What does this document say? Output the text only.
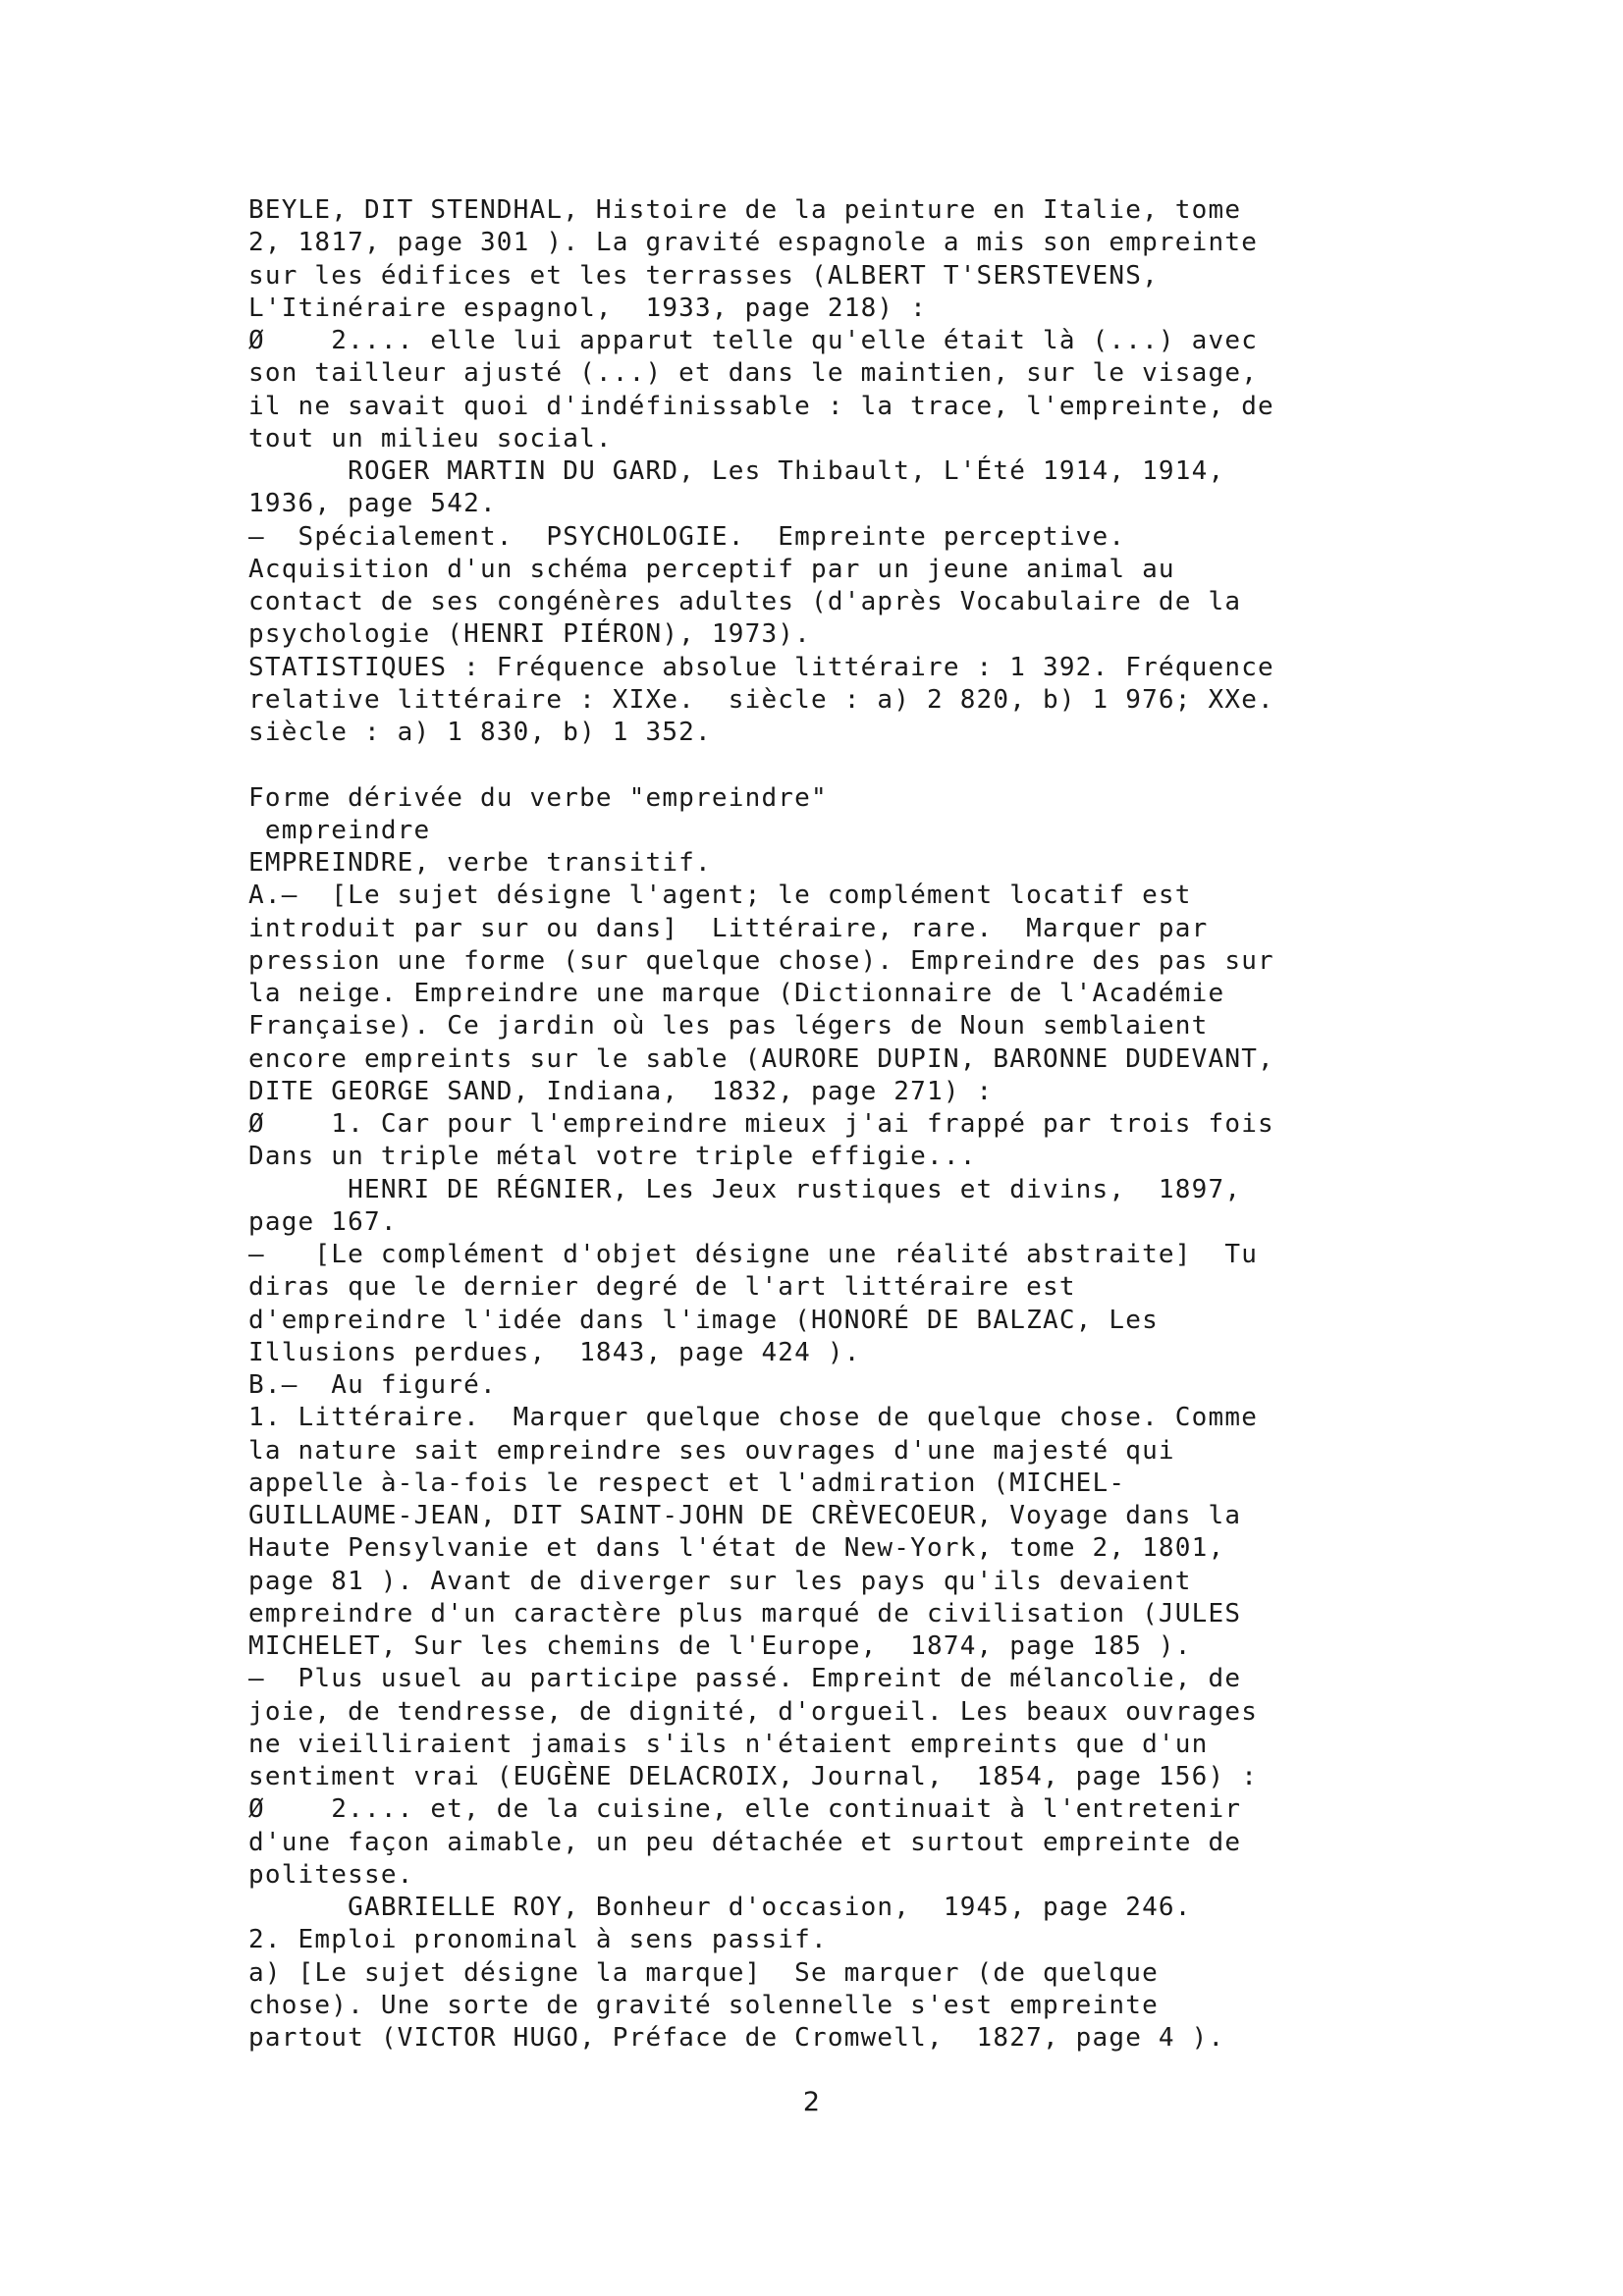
BEYLE, DIT STENDHAL, Histoire de la peinture en Italie, tome
2, 1817, page 301 ). La gravité espagnole a mis son empreinte
sur les édifices et les terrasses (ALBERT T'SERSTEVENS,
L'Itinéraire espagnol,  1933, page 218) :
Ø    2.... elle lui apparut telle qu'elle était là (...) avec
son tailleur ajusté (...) et dans le maintien, sur le visage,
il ne savait quoi d'indéfinissable : la trace, l'empreinte, de
tout un milieu social.
ROGER MARTIN DU GARD, Les Thibault, L'Été 1914, 1914,
1936, page 542.
—  Spécialement.  PSYCHOLOGIE.  Empreinte perceptive.
Acquisition d'un schéma perceptif par un jeune animal au
contact de ses congénères adultes (d'après Vocabulaire de la
psychologie (HENRI PIÉRON), 1973).
STATISTIQUES : Fréquence absolue littéraire : 1 392. Fréquence
relative littéraire : XIXe.  siècle : a) 2 820, b) 1 976; XXe.
siècle : a) 1 830, b) 1 352.
Forme dérivée du verbe "empreindre"
empreindre
EMPREINDRE, verbe transitif.
A.—  [Le sujet désigne l'agent; le complément locatif est
introduit par sur ou dans]  Littéraire, rare.  Marquer par
pression une forme (sur quelque chose). Empreindre des pas sur
la neige. Empreindre une marque (Dictionnaire de l'Académie
Française). Ce jardin où les pas légers de Noun semblaient
encore empreints sur le sable (AURORE DUPIN, BARONNE DUDEVANT,
DITE GEORGE SAND, Indiana,  1832, page 271) :
Ø    1. Car pour l'empreindre mieux j'ai frappé par trois fois
Dans un triple métal votre triple effigie...
HENRI DE RÉGNIER, Les Jeux rustiques et divins,  1897,
page 167.
—   [Le complément d'objet désigne une réalité abstraite]  Tu
diras que le dernier degré de l'art littéraire est
d'empreindre l'idée dans l'image (HONORÉ DE BALZAC, Les
Illusions perdues,  1843, page 424 ).
B.—  Au figuré.
1. Littéraire.  Marquer quelque chose de quelque chose. Comme
la nature sait empreindre ses ouvrages d'une majesté qui
appelle à-la-fois le respect et l'admiration (MICHEL-
GUILLAUME-JEAN, DIT SAINT-JOHN DE CRÈVECOEUR, Voyage dans la
Haute Pensylvanie et dans l'état de New-York, tome 2, 1801,
page 81 ). Avant de diverger sur les pays qu'ils devaient
empreindre d'un caractère plus marqué de civilisation (JULES
MICHELET, Sur les chemins de l'Europe,  1874, page 185 ).
—  Plus usuel au participe passé. Empreint de mélancolie, de
joie, de tendresse, de dignité, d'orgueil. Les beaux ouvrages
ne vieilliraient jamais s'ils n'étaient empreints que d'un
sentiment vrai (EUGÈNE DELACROIX, Journal,  1854, page 156) :
Ø    2.... et, de la cuisine, elle continuait à l'entretenir
d'une façon aimable, un peu détachée et surtout empreinte de
politesse.
GABRIELLE ROY, Bonheur d'occasion,  1945, page 246.
2. Emploi pronominal à sens passif.
a) [Le sujet désigne la marque]  Se marquer (de quelque
chose). Une sorte de gravité solennelle s'est empreinte
partout (VICTOR HUGO, Préface de Cromwell,  1827, page 4 ).
2
